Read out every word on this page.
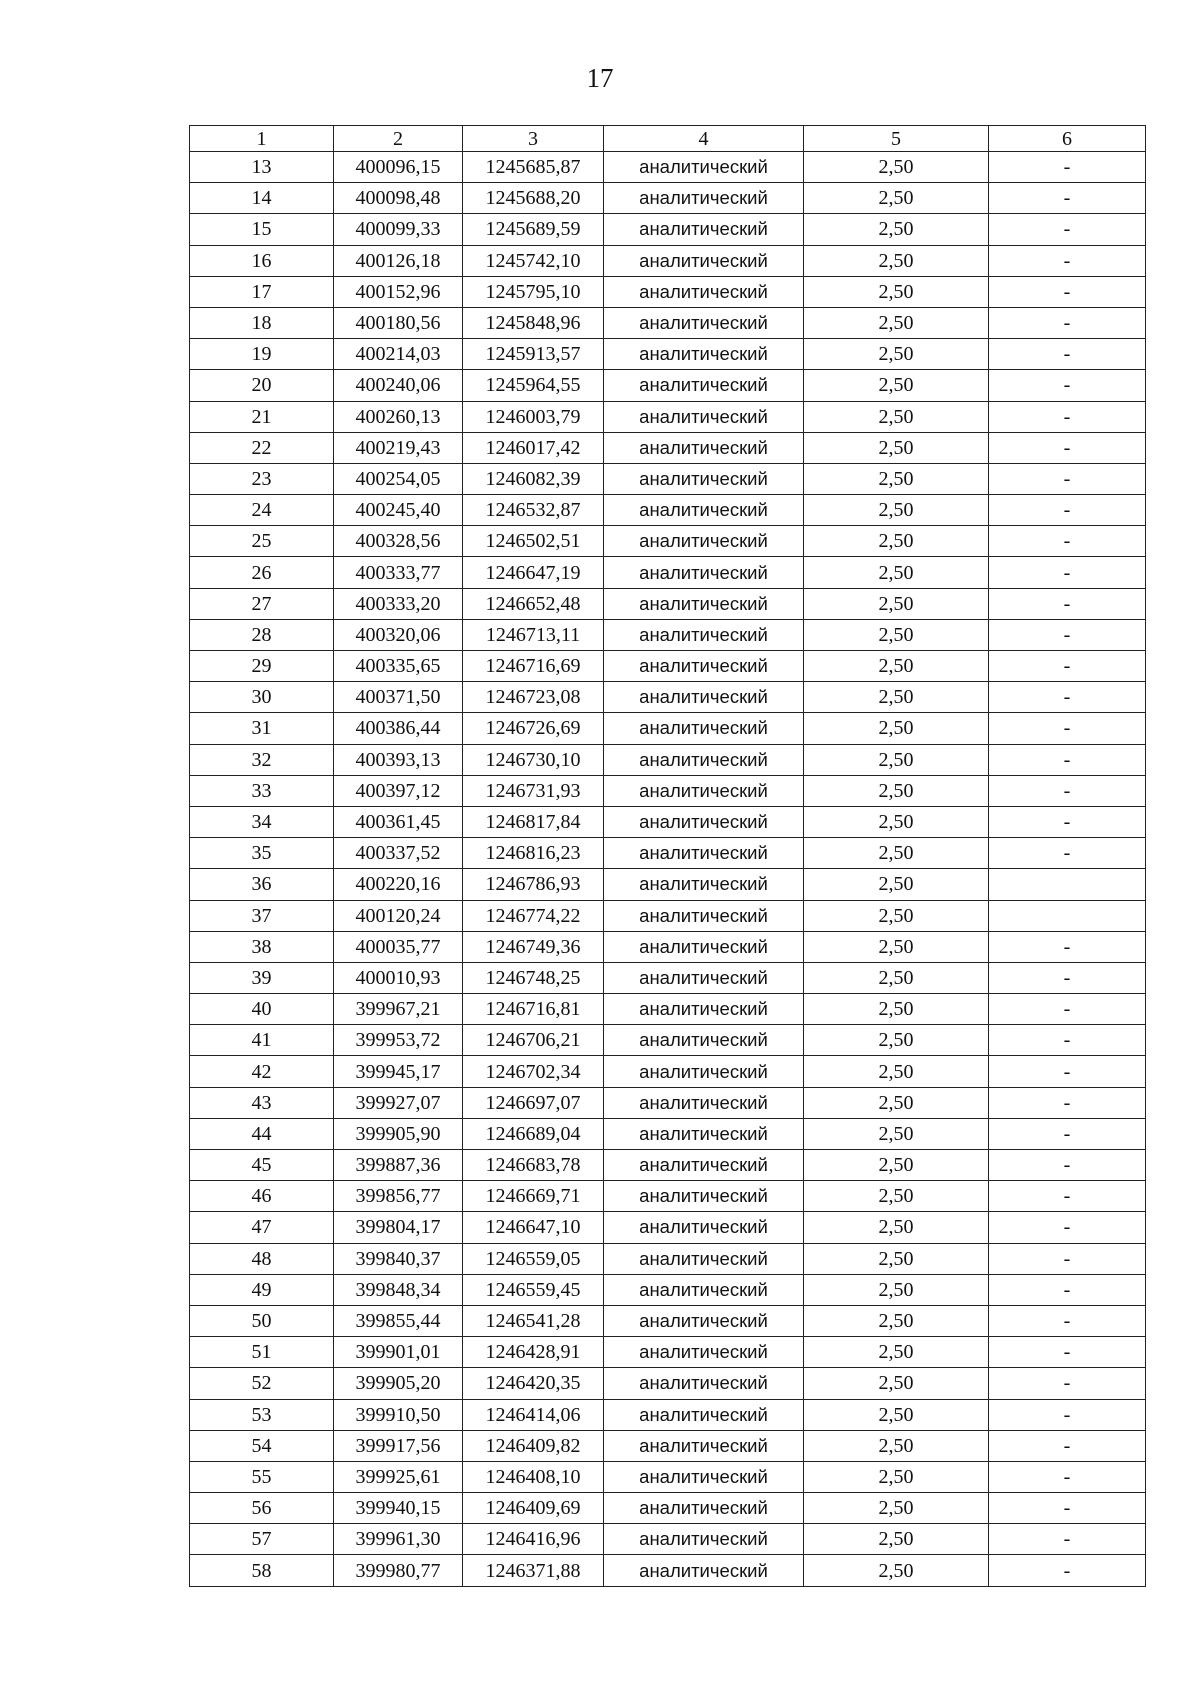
17
1	2	3	4	5	6
13	400096,15	1245685,87	аналитический	2,50	-
14	400098,48	1245688,20	аналитический	2,50	-
15	400099,33	1245689,59	аналитический	2,50	-
16	400126,18	1245742,10	аналитический	2,50	-
17	400152,96	1245795,10	аналитический	2,50	-
18	400180,56	1245848,96	аналитический	2,50	-
19	400214,03	1245913,57	аналитический	2,50	-
20	400240,06	1245964,55	аналитический	2,50	-
21	400260,13	1246003,79	аналитический	2,50	-
22	400219,43	1246017,42	аналитический	2,50	-
23	400254,05	1246082,39	аналитический	2,50	-
24	400245,40	1246532,87	аналитический	2,50	-
25	400328,56	1246502,51	аналитический	2,50	-
26	400333,77	1246647,19	аналитический	2,50	-
27	400333,20	1246652,48	аналитический	2,50	-
28	400320,06	1246713,11	аналитический	2,50	-
29	400335,65	1246716,69	аналитический	2,50	-
30	400371,50	1246723,08	аналитический	2,50	-
31	400386,44	1246726,69	аналитический	2,50	-
32	400393,13	1246730,10	аналитический	2,50	-
33	400397,12	1246731,93	аналитический	2,50	-
34	400361,45	1246817,84	аналитический	2,50	-
35	400337,52	1246816,23	аналитический	2,50	-
36	400220,16	1246786,93	аналитический	2,50	
37	400120,24	1246774,22	аналитический	2,50	
38	400035,77	1246749,36	аналитический	2,50	-
39	400010,93	1246748,25	аналитический	2,50	-
40	399967,21	1246716,81	аналитический	2,50	-
41	399953,72	1246706,21	аналитический	2,50	-
42	399945,17	1246702,34	аналитический	2,50	-
43	399927,07	1246697,07	аналитический	2,50	-
44	399905,90	1246689,04	аналитический	2,50	-
45	399887,36	1246683,78	аналитический	2,50	-
46	399856,77	1246669,71	аналитический	2,50	-
47	399804,17	1246647,10	аналитический	2,50	-
48	399840,37	1246559,05	аналитический	2,50	-
49	399848,34	1246559,45	аналитический	2,50	-
50	399855,44	1246541,28	аналитический	2,50	-
51	399901,01	1246428,91	аналитический	2,50	-
52	399905,20	1246420,35	аналитический	2,50	-
53	399910,50	1246414,06	аналитический	2,50	-
54	399917,56	1246409,82	аналитический	2,50	-
55	399925,61	1246408,10	аналитический	2,50	-
56	399940,15	1246409,69	аналитический	2,50	-
57	399961,30	1246416,96	аналитический	2,50	-
58	399980,77	1246371,88	аналитический	2,50	-
